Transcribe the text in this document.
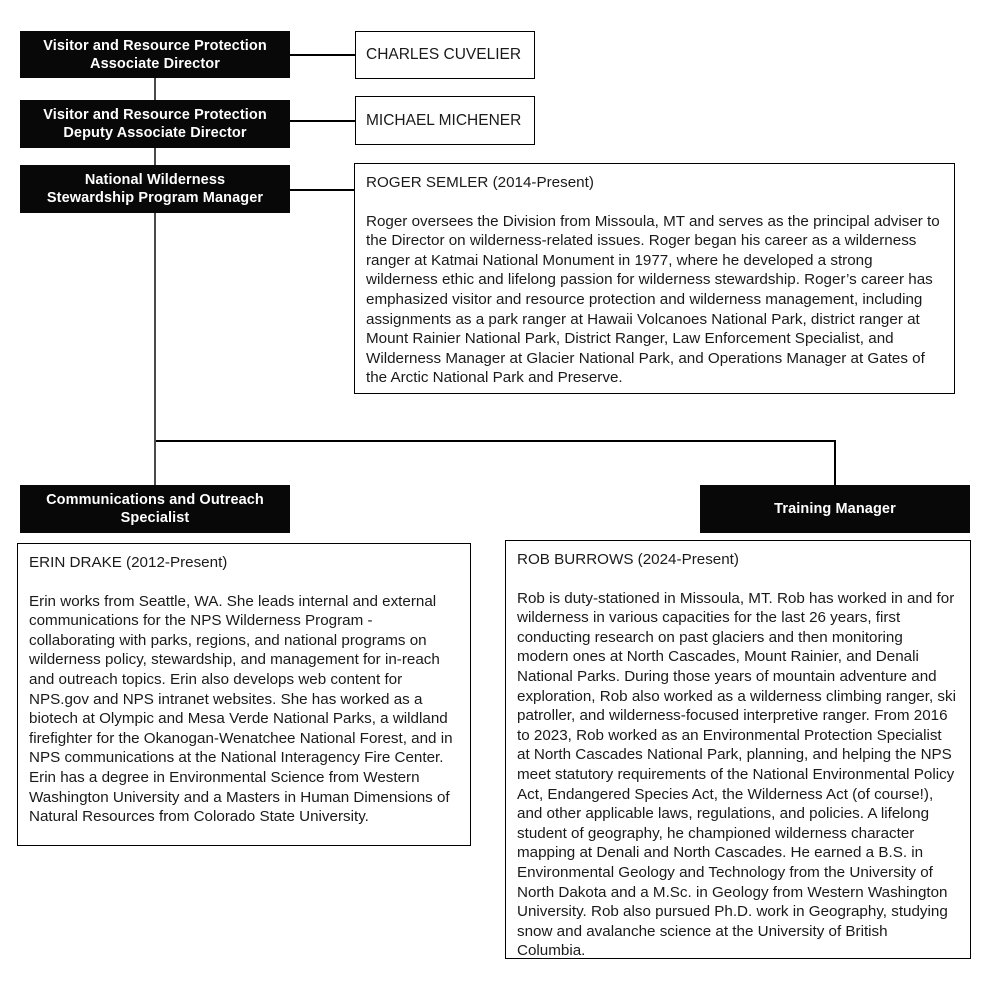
Visitor and Resource Protection
Associate Director
Visitor and Resource Protection
Deputy Associate Director
National Wilderness
Stewardship Program Manager
Communications and Outreach
Specialist
Training Manager
CHARLES CUVELIER
MICHAEL MICHENER

ROGER SEMLER (2014-Present)

Roger oversees the Division from Missoula, MT and serves as the principal adviser to the Director on wilderness-related issues. Roger began his career as a wilderness ranger at Katmai National Monument in 1977, where he developed a strong wilderness ethic and lifelong passion for wilderness stewardship. Roger’s career has emphasized visitor and resource protection and wilderness management, including assignments as a park ranger at Hawaii Volcanoes National Park, district ranger at Mount Rainier National Park, District Ranger, Law Enforcement Specialist, and Wilderness Manager at Glacier National Park, and Operations Manager at Gates of the Arctic National Park and Preserve.

ERIN DRAKE (2012-Present)

Erin works from Seattle, WA. She leads internal and external communications for the NPS Wilderness Program - collaborating with parks, regions, and national programs on wilderness policy, stewardship, and management for in-reach and outreach topics. Erin also develops web content for NPS.gov and NPS intranet websites. She has worked as a biotech at Olympic and Mesa Verde National Parks, a wildland firefighter for the Okanogan-Wenatchee National Forest, and in NPS communications at the National Interagency Fire Center. Erin has a degree in Environmental Science from Western Washington University and a Masters in Human Dimensions of Natural Resources from Colorado State University.

ROB BURROWS (2024-Present)

Rob is duty-stationed in Missoula, MT. Rob has worked in and for wilderness in various capacities for the last 26 years, first conducting research on past glaciers and then monitoring modern ones at North Cascades, Mount Rainier, and Denali National Parks. During those years of mountain adventure and exploration, Rob also worked as a wilderness climbing ranger, ski patroller, and wilderness-focused interpretive ranger. From 2016 to 2023, Rob worked as an Environmental Protection Specialist at North Cascades National Park, planning, and helping the NPS meet statutory requirements of the National Environmental Policy Act, Endangered Species Act, the Wilderness Act (of course!), and other applicable laws, regulations, and policies. A lifelong student of geography, he championed wilderness character mapping at Denali and North Cascades. He earned a B.S. in Environmental Geology and Technology from the University of North Dakota and a M.Sc. in Geology from Western Washington University. Rob also pursued Ph.D. work in Geography, studying snow and avalanche science at the University of British Columbia.
